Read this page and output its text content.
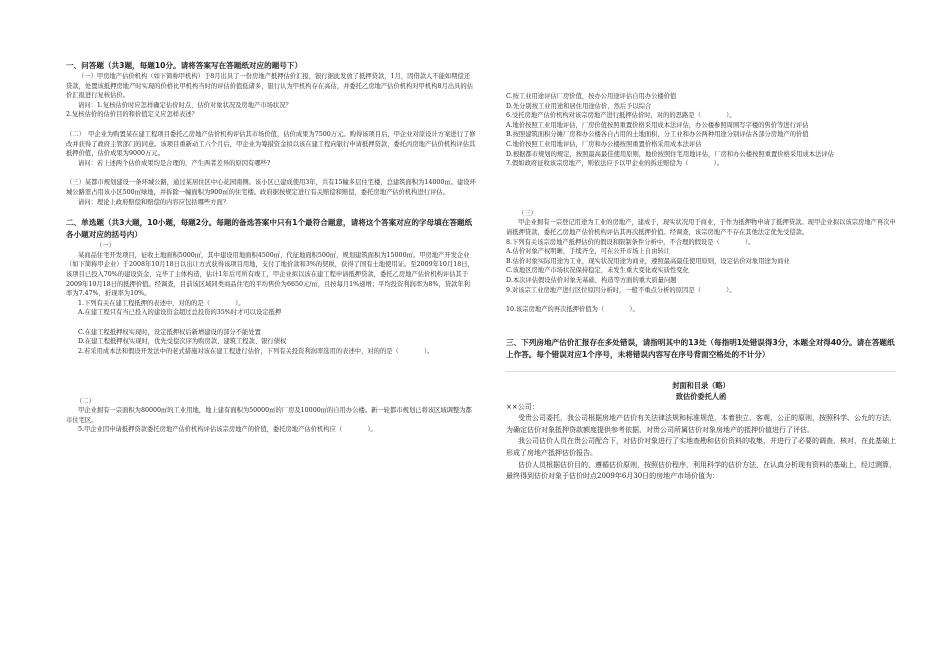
一、问答题（共3题，每题10分。请将答案写在答题纸对应的题号下）

（一）甲房地产估价机构（如下简称甲机构）于8月出具了一份房地产抵押估价汇报，银行据此发放了抵押贷款，1月，因借款人不能如期偿还贷款，处置该抵押房地产时实现的价格比甲机构当时的评估价值低诸多，银行认为甲机构存在高估，并委托乙房地产估价机构对甲机构8月出具的估价汇报进行复核估价。

请问：1.复核估价时应怎样确定估价时点、估价对象状况及房地产市场状况？

2.复核估价的估价目的和价值定义应怎样表述？

（二）　甲企业为购置某在建工程项目委托乙房地产估价机构评估其市场价值，估价成果为7500万元。购得该项目后，甲企业对原设计方案进行了修改并获得了政府主管部门的同意。该项目重新动工六个月后，甲企业为筹措资金拟以该在建工程向银行申请抵押贷款，委托丙房地产估价机构评估其抵押价值，估价成果为9000万元。

请问：若上述两个估价成果均是合理的，产生两者差异的原因有哪些?

（三）某都市规划建设一条环城公路，通过某居住区中心花园南侧。该小区已建成使用3年，共有15幢多层住宅楼，总建筑面积为14000㎡。建设环城公路需占用该小区500㎡绿地，并拆除一幢面积为900㎡的住宅楼。政府据按规定进行有关赔偿和赔偿，委托房地产估价机构进行评估。

请问：理论上政府赔偿和赔偿的内容应包括哪些方面？

二、单选题（共3大题，10小题，每题2分。每题的备选答案中只有1个最符合题意，请将这个答案对应的字母填在答题纸各小题对应的括号内）

（一）

某商品住宅开发项目，征收土地面积5000㎡，其中建设用地面积4500㎡，代征地面积500㎡，规划建筑面积为15000㎡。甲房地产开发企业（如下简称甲企业）于2008年10月18日以出让方式获得该项目用地，支付了地价款和3%的契税，获得了国有土地使用证。至2009年10月18日，该项目已投入70%的建设资金，完毕了主体构造，估计1年后可所有竣工，甲企业拟以该在建工程申请抵押贷款，委托乙房地产估价机构评估其于2009年10月18日的抵押价值。经调查，目前该区域同类商品住宅的平均售价为6650元/㎡，且按每月1%递增；平均投资利润率为8%，贷款年利率为7.47%，折现率为10%。

1.下列有关在建工程抵押的表述中，对的的是（　　　　）。

A.在建工程只有当已投入的建设资金超过总投资的35%时才可以设定抵押

C.在建工程抵押权实现时，设定抵押权后新增建设的部分不能处置

D.在建工程抵押权实现时，优先受偿次序为购房款、建筑工程款、银行债权

2.若采用成本法和假设开发法中的老式措施对该在建工程进行估价，下列有关投资利润率选用的表述中，对的的是（　　　　）。

（二）

甲企业拥有一宗面积为80000㎡的工业用地，地上建有面积为50000㎡的厂房及10000㎡的自用办公楼。新一轮都市规划已将该区域调整为都市住宅区。

5.甲企业因申请抵押贷款委托房地产估价机构评估该宗房地产的价值，委托房地产估价机构应（　　　　）。

C.按工业用途评估厂房价值，按办公用途评估自用办公楼价值

D.先分别按工业用途和居住用途估价，然后予以综合

6.受托房地产估价机构对该宗房地产进行抵押估价时，对的的思路是（　　　　）。

A.地价按照工业用地评估，厂房价值按照重置价格采用成本法评估，办公楼参照周围写字楼的售价等进行评估

B.按照建筑面积分摊厂房和办公楼各自占用的土地面积，分工业和办公两种用途分别评估各部分房地产的价值

C.地价按照工业用地评估，厂房和办公楼按照重置价格采用成本法评估

D.根据都市规划的规定，按照最高最佳使用原则，地价按照住宅用地评估，厂房和办公楼按照重置价格采用成本法评估

7.假如政府征收该宗房地产，则依法应予以甲企业的拆迁赔偿为（　　　　）。

（三）

甲企业拥有一宗登记用途为工业的房地产，建成于，现实状况用于商业，于作为抵押物申请了抵押贷款。现甲企业拟以该宗房地产再次申请抵押贷款，委托乙房地产估价机构评估其再次抵押价值。经调查，该宗房地产不存在其他法定优先受偿款。

8.下列有关该宗房地产抵押估价的假设和限制条件分析中，不合理的假设是（　　　　）。

A.估价对象产权明晰，手续齐全，可在公开市场上自由转让

B.估价对象实际用途为工业，现实状况用途为商业，遵照最高最佳使用原则，设定估价对象用途为商业

C.该地区房地产市场状况保持稳定，未发生重大变化或实质性变化

D.本次评估假设估价对象无基础、构造等方面的重大质量问题

9.对该宗工业房地产进行区位原因分析时，一般不重点分析的原因是（　　　　）。

10.该宗房地产的再次抵押价值为（　　　　）。

三、下列房地产估价汇报存在多处错误，请指明其中的13处（每指明1处错误得3分，本题全对得40分。请在答题纸上作答。每个错误对应1个序号，未将错误内容写在序号背面空格处的不计分）

封面和目录（略）

致估价委托人函

××公司：

受贵公司委托，我公司根据房地产估价有关法律法规和标准规范，本着独立、客观、公正的原则，按照科学、公允的方法，为确定估价对象抵押贷款额度提供参考依据，对贵公司所属估价对象房地产的抵押价值进行了评估。

我公司估价人员在贵公司配合下，对估价对象进行了实地查勘和估价资料的收集，并进行了必要的调查、核对，在此基础上形成了房地产抵押估价报告。

估价人员根据估价目的，遵循估价原则，按照估价程序，利用科学的估价方法，在认真分析现有资料的基础上，经过测算，最终得到估价对象于估价时点2009年6月30日的房地产市场价值为：
